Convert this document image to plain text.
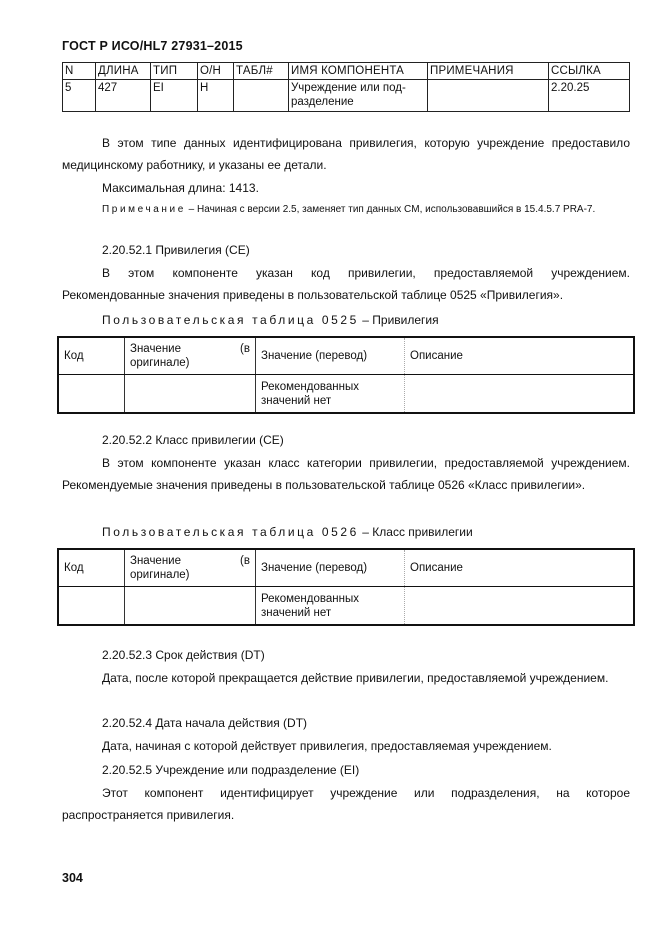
ГОСТ Р ИСО/HL7 27931–2015
N	ДЛИНА	ТИП	О/Н	ТАБЛ#	ИМЯ КОМПОНЕНТА	ПРИМЕЧАНИЯ	ССЫЛКА
5	427	EI	H		Учреждение или под-разделение		2.20.25
В этом типе данных идентифицирована привилегия, которую учреждение предоставило медицинскому работнику, и указаны ее детали.
Максимальная длина: 1413.
Примечание – Начиная с версии 2.5, заменяет тип данных CM, использовавшийся в 15.4.5.7 PRA-7.
2.20.52.1 Привилегия (CE)
В этом компоненте указан код привилегии, предоставляемой учреждением. Рекомендованные значения приведены в пользовательской таблице 0525 «Привилегия».
Пользовательская таблица 0525 – Привилегия
Код	Значение (в оригинале)	Значение (перевод)	Описание
		Рекомендованных значений нет	
2.20.52.2 Класс привилегии (CE)
В этом компоненте указан класс категории привилегии, предоставляемой учреждением. Рекомендуемые значения приведены в пользовательской таблице 0526 «Класс привилегии».
Пользовательская таблица 0526 – Класс привилегии
Код	Значение (в оригинале)	Значение (перевод)	Описание
		Рекомендованных значений нет	
2.20.52.3 Срок действия (DT)
Дата, после которой прекращается действие привилегии, предоставляемой учреждением.
2.20.52.4 Дата начала действия (DT)
Дата, начиная с которой действует привилегия, предоставляемая учреждением.
2.20.52.5 Учреждение или подразделение (EI)
Этот компонент идентифицирует учреждение или подразделения, на которое распространяется привилегия.
304
